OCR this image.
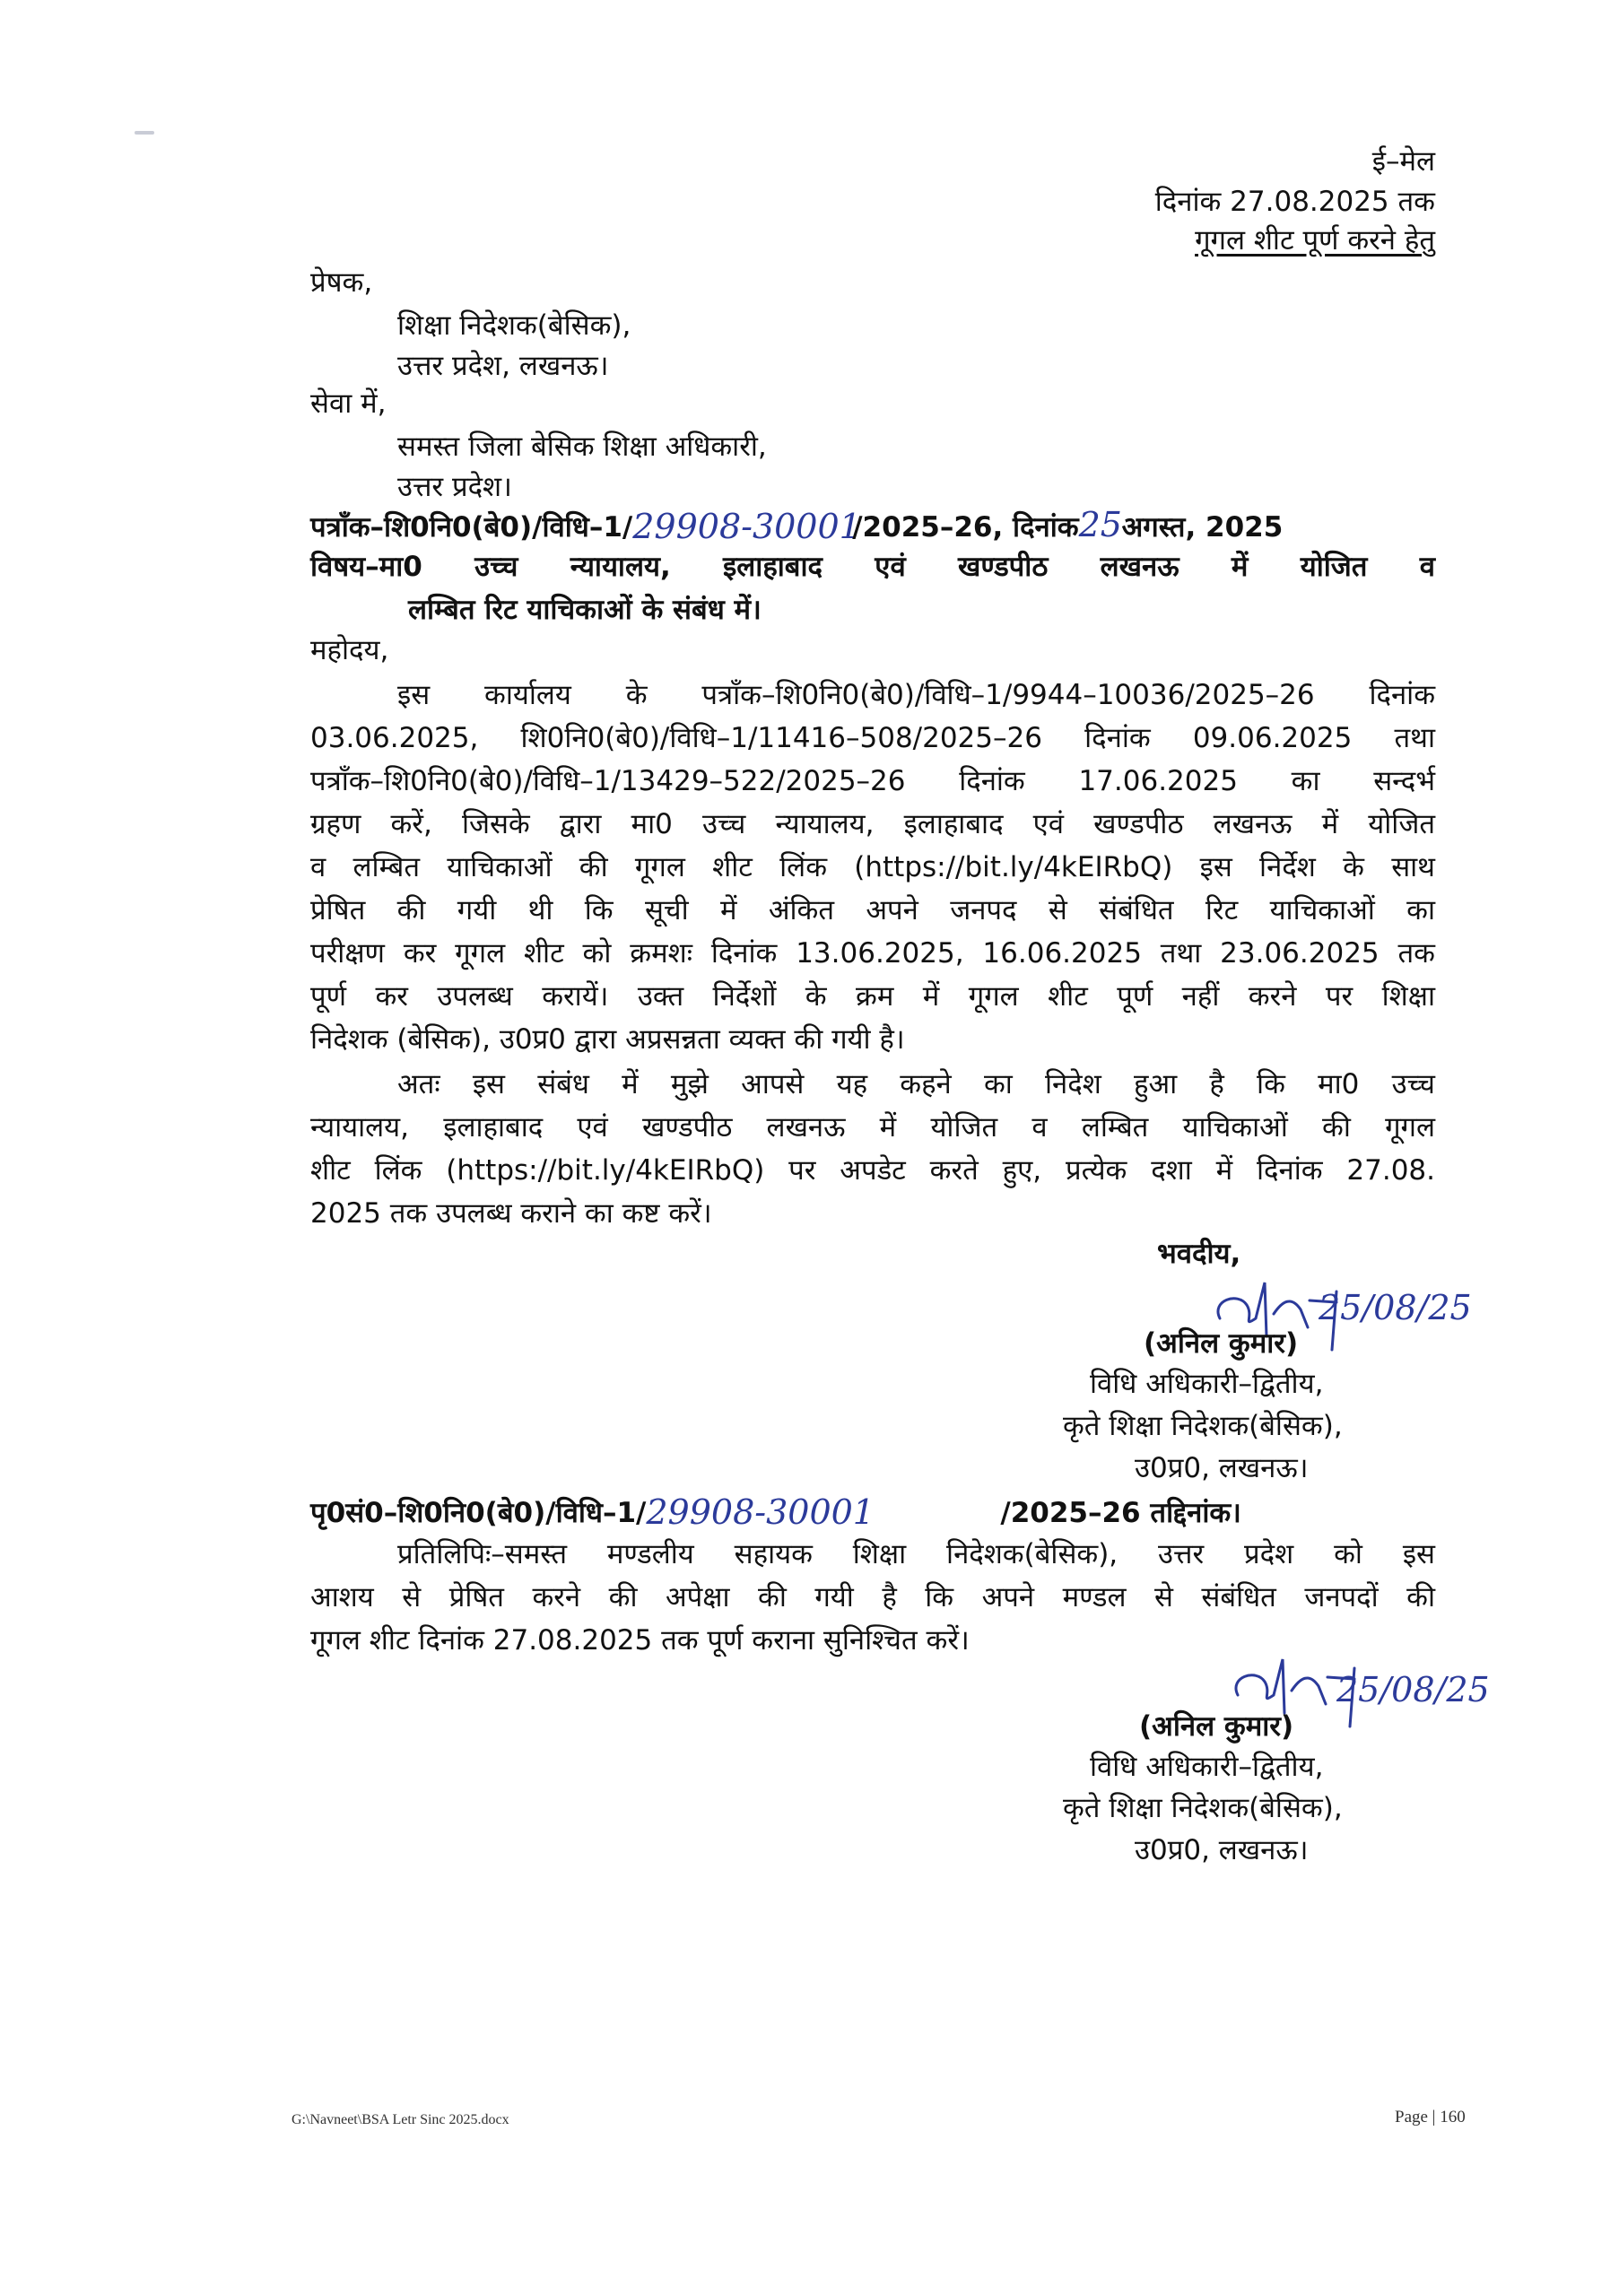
ई–मेल
दिनांक 27.08.2025 तक
गूगल शीट पूर्ण करने हेतु
प्रेषक,
शिक्षा निदेशक(बेसिक),
उत्तर प्रदेश, लखनऊ।
सेवा में,
समस्त जिला बेसिक शिक्षा अधिकारी,
उत्तर प्रदेश।
पत्रॉंक–शि0नि0(बे0)/विधि–1/29908-30001/2025–26, दिनांक25अगस्त, 2025
विषय–मा0 उच्च न्यायालय, इलाहाबाद एवं खण्डपीठ लखनऊ में योजित व
लम्बित रिट याचिकाओं के संबंध में।
महोदय,
इस कार्यालय के पत्रॉंक–शि0नि0(बे0)/विधि–1/9944–10036/2025–26 दिनांक
03.06.2025, शि0नि0(बे0)/विधि–1/11416–508/2025–26 दिनांक 09.06.2025 तथा
पत्रॉंक–शि0नि0(बे0)/विधि–1/13429–522/2025–26 दिनांक 17.06.2025 का सन्दर्भ
ग्रहण करें, जिसके द्वारा मा0 उच्च न्यायालय, इलाहाबाद एवं खण्डपीठ लखनऊ में योजित
व लम्बित याचिकाओं की गूगल शीट लिंक (https://bit.ly/4kEIRbQ) इस निर्देश के साथ
प्रेषित की गयी थी कि सूची में अंकित अपने जनपद से संबंधित रिट याचिकाओं का
परीक्षण कर गूगल शीट को क्रमशः दिनांक 13.06.2025, 16.06.2025 तथा 23.06.2025 तक
पूर्ण कर उपलब्ध करायें। उक्त निर्देशों के क्रम में गूगल शीट पूर्ण नहीं करने पर शिक्षा
निदेशक (बेसिक), उ0प्र0 द्वारा अप्रसन्नता व्यक्त की गयी है।
अतः इस संबंध में मुझे आपसे यह कहने का निदेश हुआ है कि मा0 उच्च
न्यायालय, इलाहाबाद एवं खण्डपीठ लखनऊ में योजित व लम्बित याचिकाओं की गूगल
शीट लिंक (https://bit.ly/4kEIRbQ) पर अपडेट करते हुए, प्रत्येक दशा में दिनांक 27.08.
2025 तक उपलब्ध कराने का कष्ट करें।
भवदीय,
25/08/25
(अनिल कुमार)
विधि अधिकारी–द्वितीय,
कृते शिक्षा निदेशक(बेसिक),
उ0प्र0, लखनऊ।
पृ0सं0–शि0नि0(बे0)/विधि–1/29908-30001	/2025–26 तद्दिनांक।
प्रतिलिपिः–समस्त मण्डलीय सहायक शिक्षा निदेशक(बेसिक), उत्तर प्रदेश को इस
आशय से प्रेषित करने की अपेक्षा की गयी है कि अपने मण्डल से संबंधित जनपदों की
गूगल शीट दिनांक 27.08.2025 तक पूर्ण कराना सुनिश्चित करें।
25/08/25
(अनिल कुमार)
विधि अधिकारी–द्वितीय,
कृते शिक्षा निदेशक(बेसिक),
उ0प्र0, लखनऊ।
G:\Navneet\BSA Letr Sinc 2025.docx	Page | 160
